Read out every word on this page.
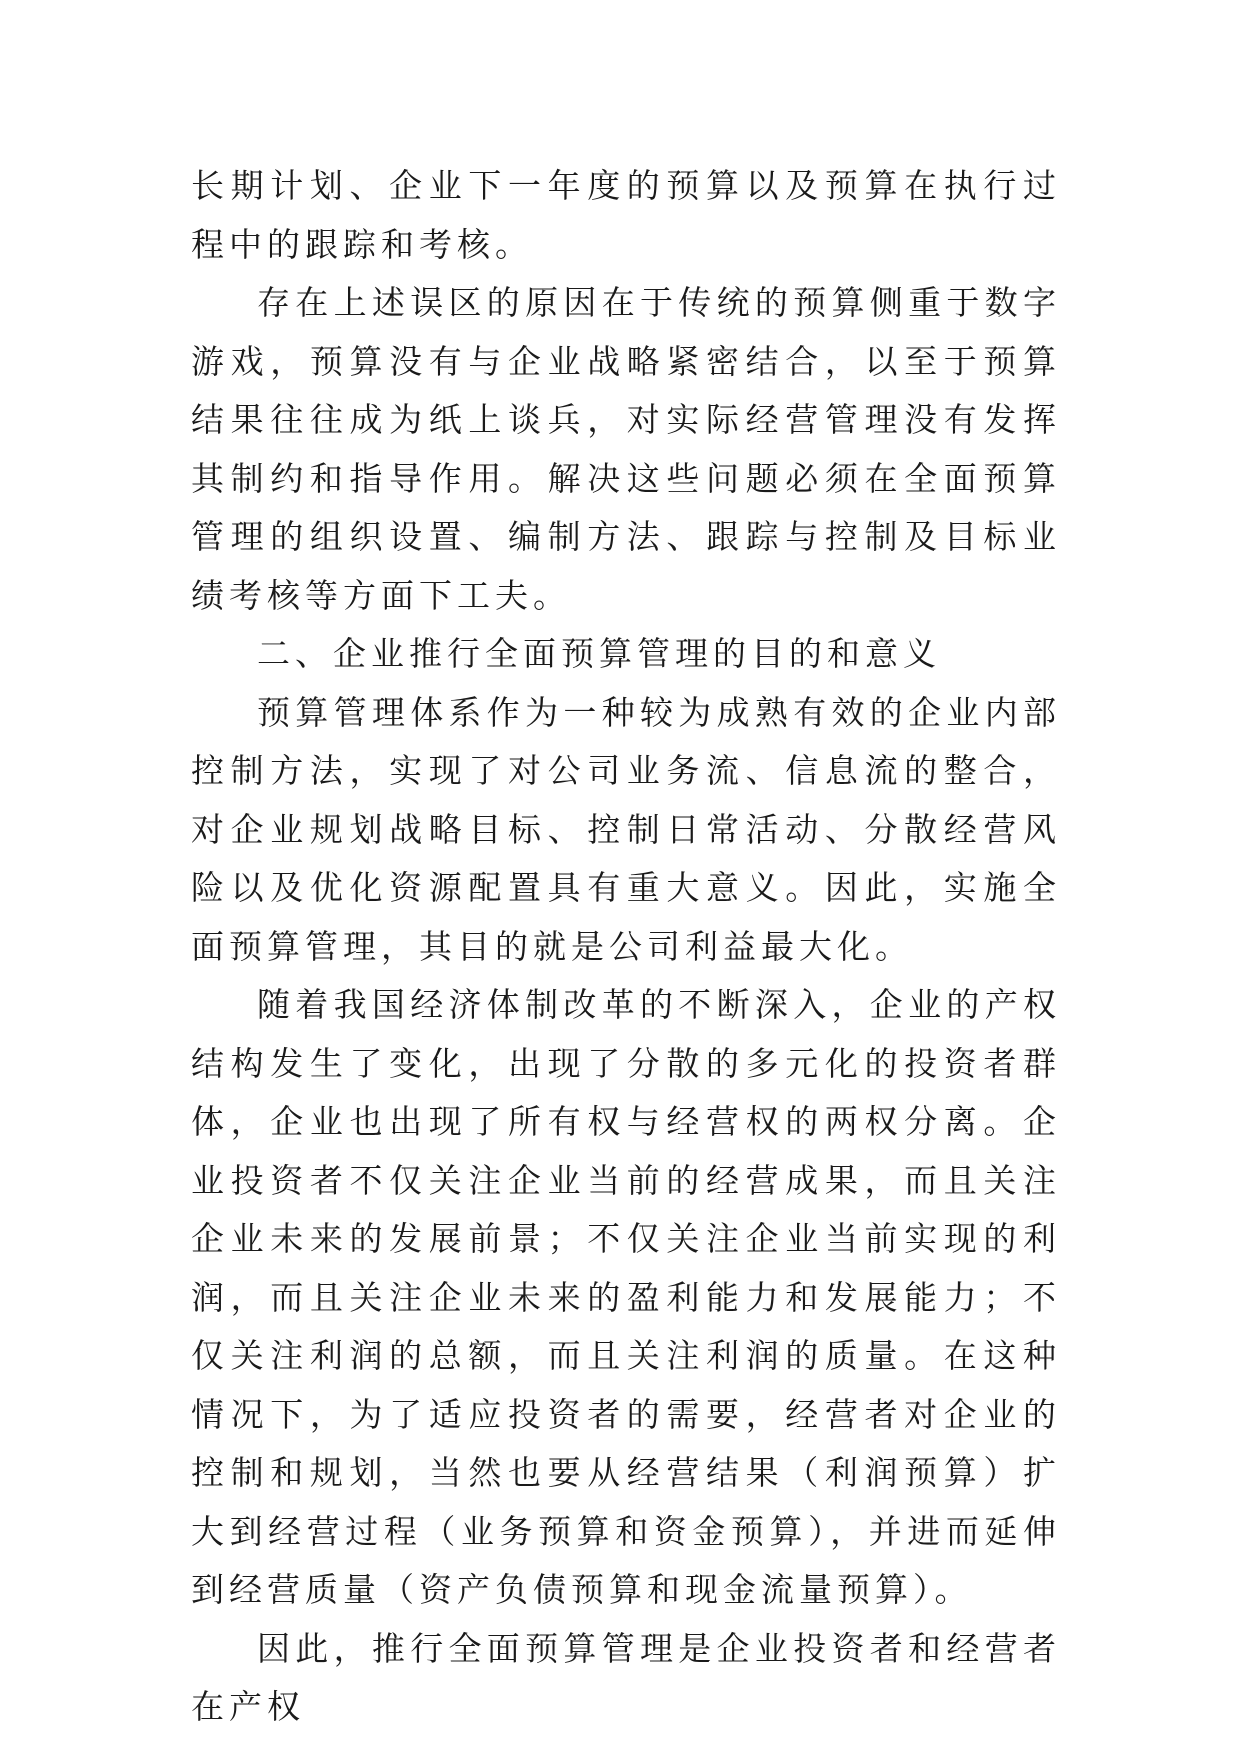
长期计划、企业下一年度的预算以及预算在执行过程中的跟踪和考核。

存在上述误区的原因在于传统的预算侧重于数字游戏，预算没有与企业战略紧密结合，以至于预算结果往往成为纸上谈兵，对实际经营管理没有发挥其制约和指导作用。解决这些问题必须在全面预算管理的组织设置、编制方法、跟踪与控制及目标业绩考核等方面下工夫。

二、企业推行全面预算管理的目的和意义

预算管理体系作为一种较为成熟有效的企业内部控制方法，实现了对公司业务流、信息流的整合，对企业规划战略目标、控制日常活动、分散经营风险以及优化资源配置具有重大意义。因此，实施全面预算管理，其目的就是公司利益最大化。

随着我国经济体制改革的不断深入，企业的产权结构发生了变化，出现了分散的多元化的投资者群体，企业也出现了所有权与经营权的两权分离。企业投资者不仅关注企业当前的经营成果，而且关注企业未来的发展前景；不仅关注企业当前实现的利润，而且关注企业未来的盈利能力和发展能力；不仅关注利润的总额，而且关注利润的质量。在这种情况下，为了适应投资者的需要，经营者对企业的控制和规划，当然也要从经营结果（利润预算）扩大到经营过程（业务预算和资金预算），并进而延伸到经营质量（资产负债预算和现金流量预算）。

因此，推行全面预算管理是企业投资者和经营者在产权
